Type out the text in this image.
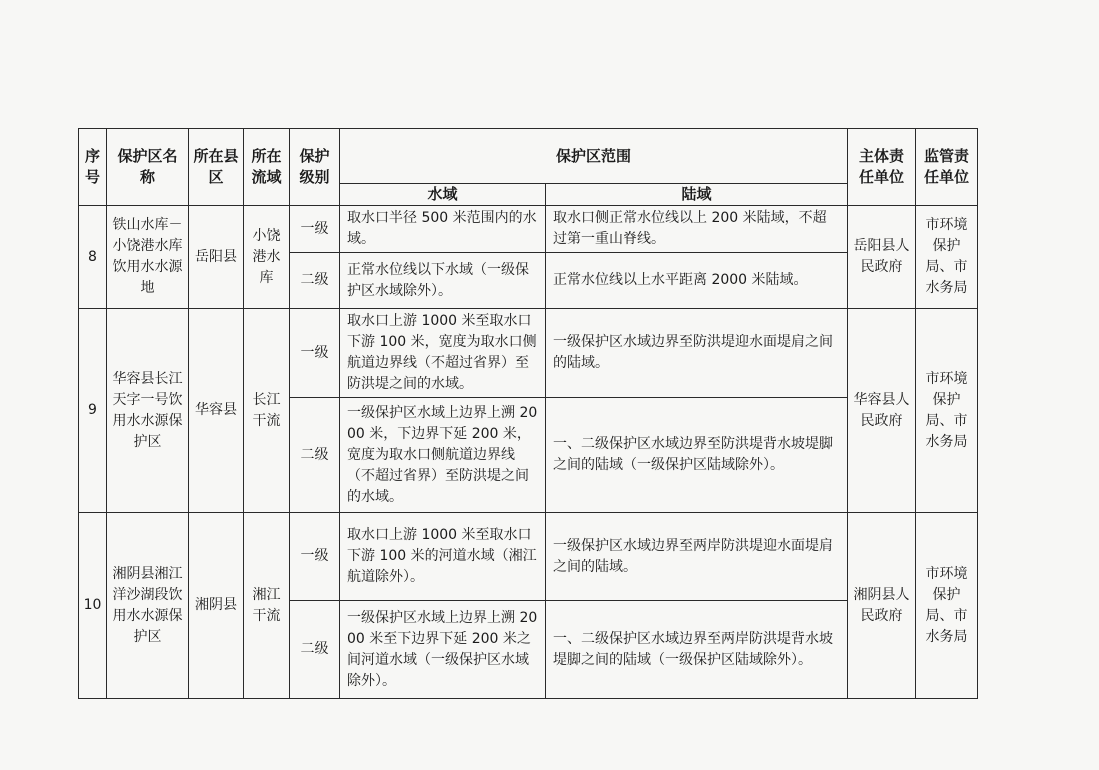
序号	保护区名称	所在县区	所在流域	保护级别	保护区范围		主体责任单位	监管责任单位
					水域	陆域		
8	铁山水库－小饶港水库饮用水水源地	岳阳县	小饶港水库	一级	取水口半径 500 米范围内的水域。	取水口侧正常水位线以上 200 米陆域，不超过第一重山脊线。	岳阳县人民政府	市环境保护局、市水务局
				二级	正常水位线以下水域（一级保护区水域除外）。	正常水位线以上水平距离 2000 米陆域。		
9	华容县长江天字一号饮用水水源保护区	华容县	长江干流	一级	取水口上游 1000 米至取水口下游 100 米，宽度为取水口侧航道边界线（不超过省界）至防洪堤之间的水域。	一级保护区水域边界至防洪堤迎水面堤肩之间的陆域。	华容县人民政府	市环境保护局、市水务局
				二级	一级保护区水域上边界上溯 2000 米，下边界下延 200 米，宽度为取水口侧航道边界线（不超过省界）至防洪堤之间的水域。	一、二级保护区水域边界至防洪堤背水坡堤脚之间的陆域（一级保护区陆域除外）。		
10	湘阴县湘江洋沙湖段饮用水水源保护区	湘阴县	湘江干流	一级	取水口上游 1000 米至取水口下游 100 米的河道水域（湘江航道除外）。	一级保护区水域边界至两岸防洪堤迎水面堤肩之间的陆域。	湘阴县人民政府	市环境保护局、市水务局
				二级	一级保护区水域上边界上溯 2000 米至下边界下延 200 米之间河道水域（一级保护区水域除外）。	一、二级保护区水域边界至两岸防洪堤背水坡堤脚之间的陆域（一级保护区陆域除外）。		
